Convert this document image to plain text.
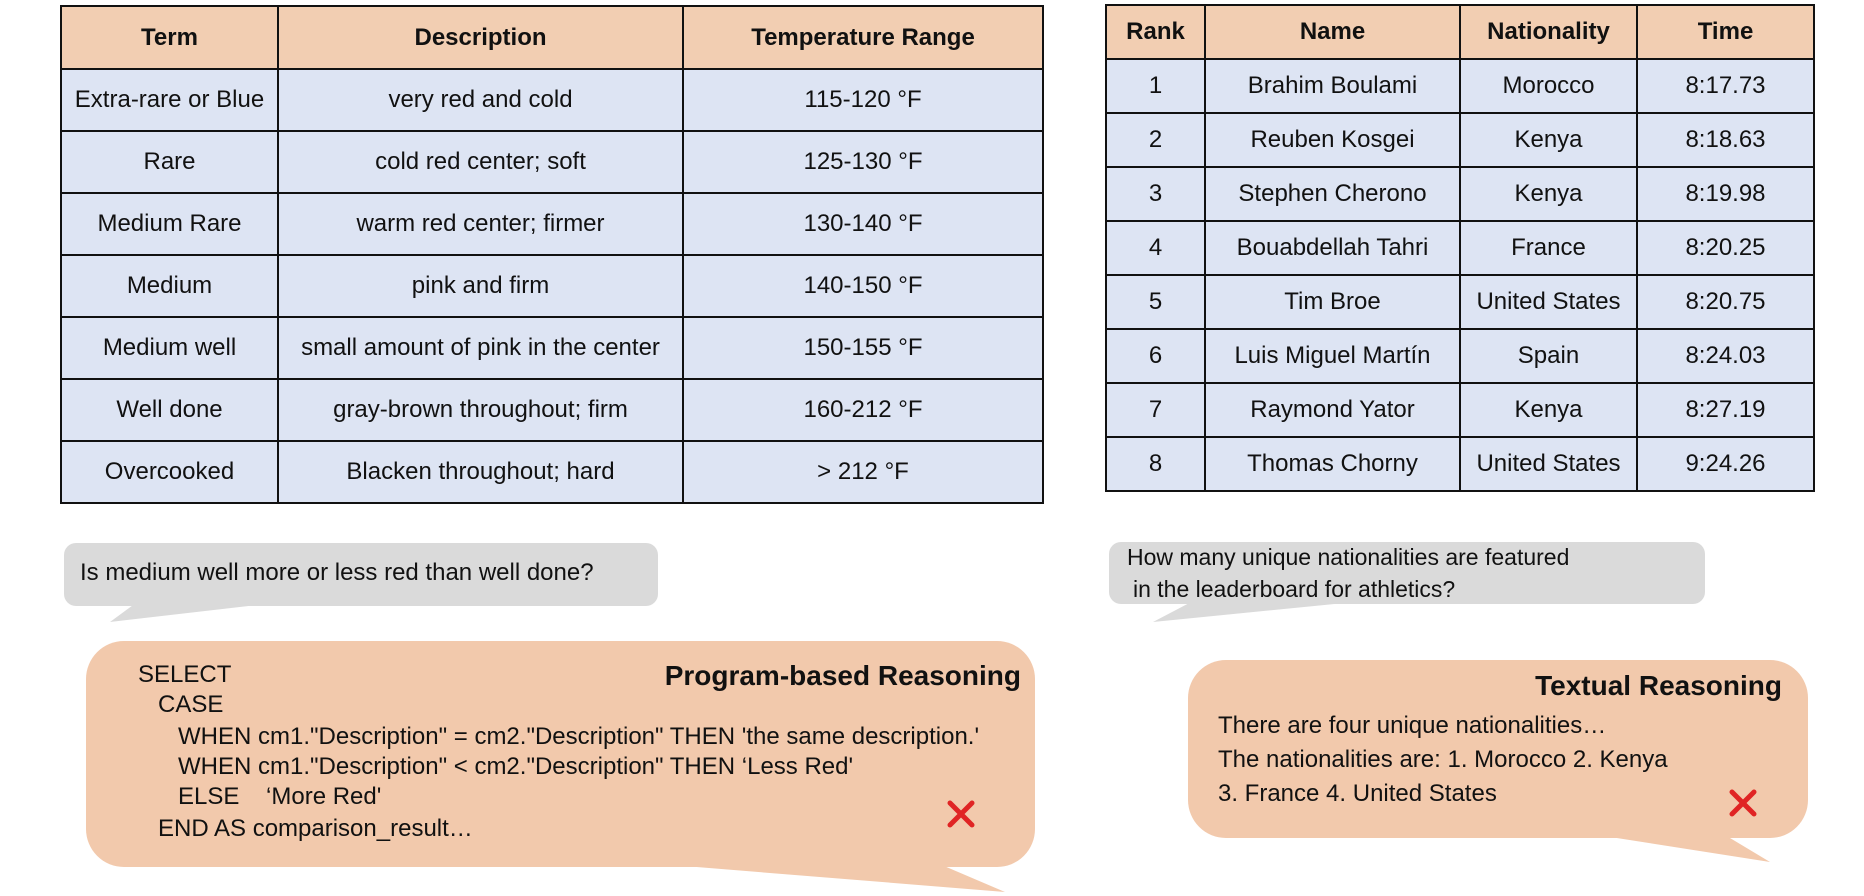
Term	Description	Temperature Range
Extra-rare or Blue	very red and cold	115-120 °F
Rare	cold red center; soft	125-130 °F
Medium Rare	warm red center; firmer	130-140 °F
Medium	pink and firm	140-150 °F
Medium well	small amount of pink in the center	150-155 °F
Well done	gray-brown throughout; firm	160-212 °F
Overcooked	Blacken throughout; hard	> 212 °F
Rank	Name	Nationality	Time
1	Brahim Boulami	Morocco	8:17.73
2	Reuben Kosgei	Kenya	8:18.63
3	Stephen Cherono	Kenya	8:19.98
4	Bouabdellah Tahri	France	8:20.25
5	Tim Broe	United States	8:20.75
6	Luis Miguel Martín	Spain	8:24.03
7	Raymond Yator	Kenya	8:27.19
8	Thomas Chorny	United States	9:24.26
Is medium well more or less red than well done?
How many unique nationalities are featured
in the leaderboard for athletics?
Program-based Reasoning
SELECT
CASE
WHEN cm1."Description" = cm2."Description" THEN 'the same description.'
WHEN cm1."Description" < cm2."Description" THEN ‘Less Red'
ELSE    ‘More Red'
END AS comparison_result…
Textual Reasoning
There are four unique nationalities…
The nationalities are: 1. Morocco 2. Kenya
3. France 4. United States
